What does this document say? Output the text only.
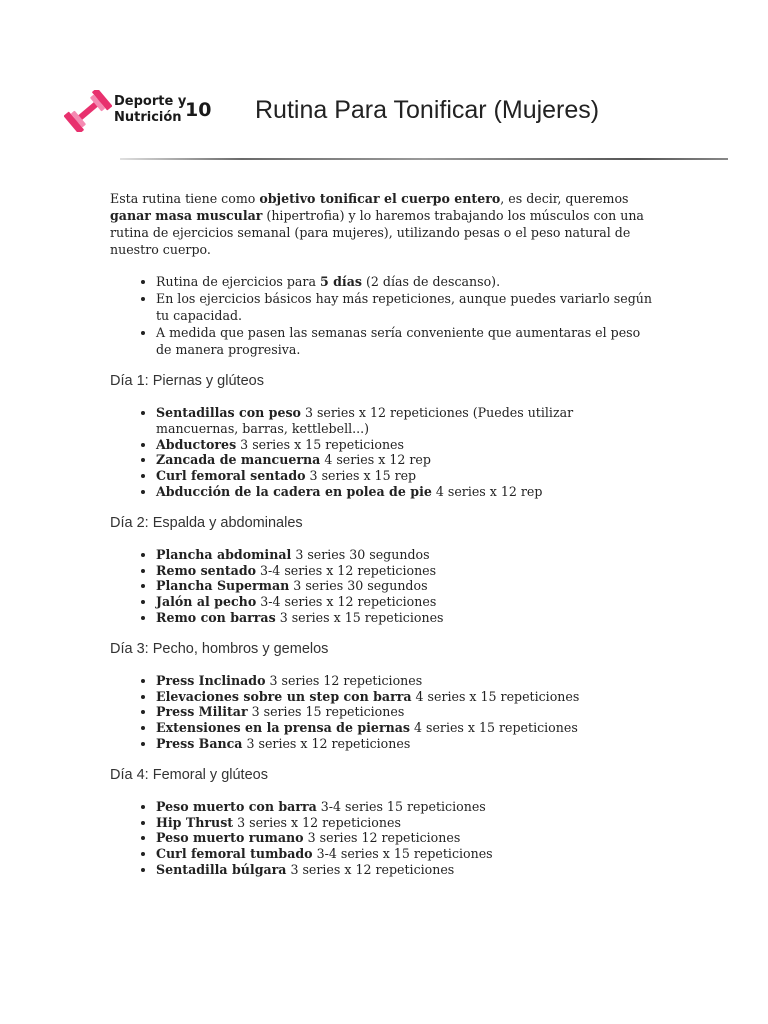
Deporte y
Nutrición 10 Rutina Para Tonificar (Mujeres)

Esta rutina tiene como objetivo tonificar el cuerpo entero, es decir, queremos ganar masa muscular (hipertrofia) y lo haremos trabajando los músculos con una rutina de ejercicios semanal (para mujeres), utilizando pesas o el peso natural de nuestro cuerpo.

• Rutina de ejercicios para 5 días (2 días de descanso).
• En los ejercicios básicos hay más repeticiones, aunque puedes variarlo según tu capacidad.
• A medida que pasen las semanas sería conveniente que aumentaras el peso de manera progresiva.
Día 1: Piernas y glúteos
• Sentadillas con peso 3 series x 12 repeticiones (Puedes utilizar mancuernas, barras, kettlebell...)
• Abductores 3 series x 15 repeticiones
• Zancada de mancuerna 4 series x 12 rep
• Curl femoral sentado 3 series x 15 rep
• Abducción de la cadera en polea de pie 4 series x 12 rep
Día 2: Espalda y abdominales
• Plancha abdominal 3 series 30 segundos
• Remo sentado 3-4 series x 12 repeticiones
• Plancha Superman 3 series 30 segundos
• Jalón al pecho 3-4 series x 12 repeticiones
• Remo con barras 3 series x 15 repeticiones
Día 3: Pecho, hombros y gemelos
• Press Inclinado 3 series 12 repeticiones
• Elevaciones sobre un step con barra 4 series x 15 repeticiones
• Press Militar 3 series 15 repeticiones
• Extensiones en la prensa de piernas 4 series x 15 repeticiones
• Press Banca 3 series x 12 repeticiones
Día 4: Femoral y glúteos
• Peso muerto con barra 3-4 series 15 repeticiones
• Hip Thrust 3 series x 12 repeticiones
• Peso muerto rumano 3 series 12 repeticiones
• Curl femoral tumbado 3-4 series x 15 repeticiones
• Sentadilla búlgara 3 series x 12 repeticiones
